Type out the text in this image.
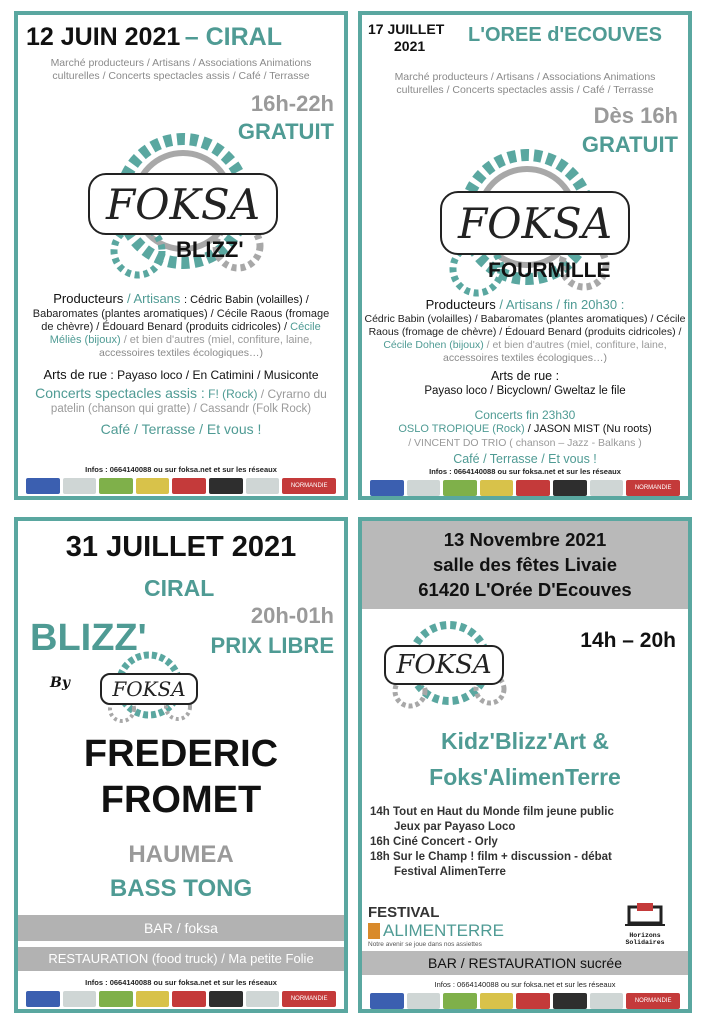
12 JUIN 2021 – CIRAL
Marché producteurs / Artisans / Associations Animations
culturelles / Concerts spectacles assis / Café / Terrasse
16h-22h
GRATUIT
FOKSA
BLIZZ'
Producteurs / Artisans : Cédric Babin (volailles) /
Babaromates (plantes aromatiques) / Cécile Raous (fromage
de chèvre) / Édouard Benard (produits cidricoles) / Cécile
Méliès (bijoux) / et bien d'autres (miel, confiture, laine,
accessoires textiles écologiques…)
Arts de rue : Payaso loco / En Catimini / Musiconte
Concerts spectacles assis : F! (Rock) / Cyrarno du
patelin (chanson qui gratte) / Cassandr (Folk Rock)
Café / Terrasse / Et vous !
Infos : 0664140088 ou sur foksa.net et sur les réseaux
NORMANDIE
17 JUILLET
2021	L'OREE d'ECOUVES
Marché producteurs / Artisans / Associations Animations
culturelles / Concerts spectacles assis / Café / Terrasse
Dès 16h
GRATUIT
FOKSA
FOURMILLE
Producteurs / Artisans / fin 20h30 :
Cédric Babin (volailles) / Babaromates (plantes aromatiques) / Cécile
Raous (fromage de chèvre) / Édouard Benard (produits cidricoles) /
Cécile Dohen (bijoux) / et bien d'autres (miel, confiture, laine,
accessoires textiles écologiques…)
Arts de rue :
Payaso loco / Bicyclown/ Gweltaz le file
Concerts fin 23h30
OSLO TROPIQUE (Rock) / JASON MIST (Nu roots)
/ VINCENT DO TRIO ( chanson – Jazz - Balkans )
Café / Terrasse / Et vous !
Infos : 0664140088 ou sur foksa.net et sur les réseaux
NORMANDIE
31 JUILLET 2021
CIRAL
BLIZZ'
20h-01h
PRIX LIBRE
By	FOKSA
FREDERIC
FROMET
HAUMEA
BASS TONG
BAR / foksa
RESTAURATION (food truck) / Ma petite Folie
Infos : 0664140088 ou sur foksa.net et sur les réseaux
NORMANDIE
13 Novembre 2021
salle des fêtes Livaie
61420 L'Orée D'Ecouves
14h – 20h
FOKSA
Kidz'Blizz'Art &
Foks'AlimenTerre
14h Tout en Haut du Monde film jeune public
Jeux par Payaso Loco
16h Ciné Concert - Orly
18h Sur le Champ ! film + discussion - débat
Festival AlimenTerre
FESTIVAL
ALIMENTERRE
Notre avenir se joue dans nos assiettes
Horizons Solidaires
BAR / RESTAURATION sucrée
Infos : 0664140088 ou sur foksa.net et sur les réseaux
NORMANDIE
